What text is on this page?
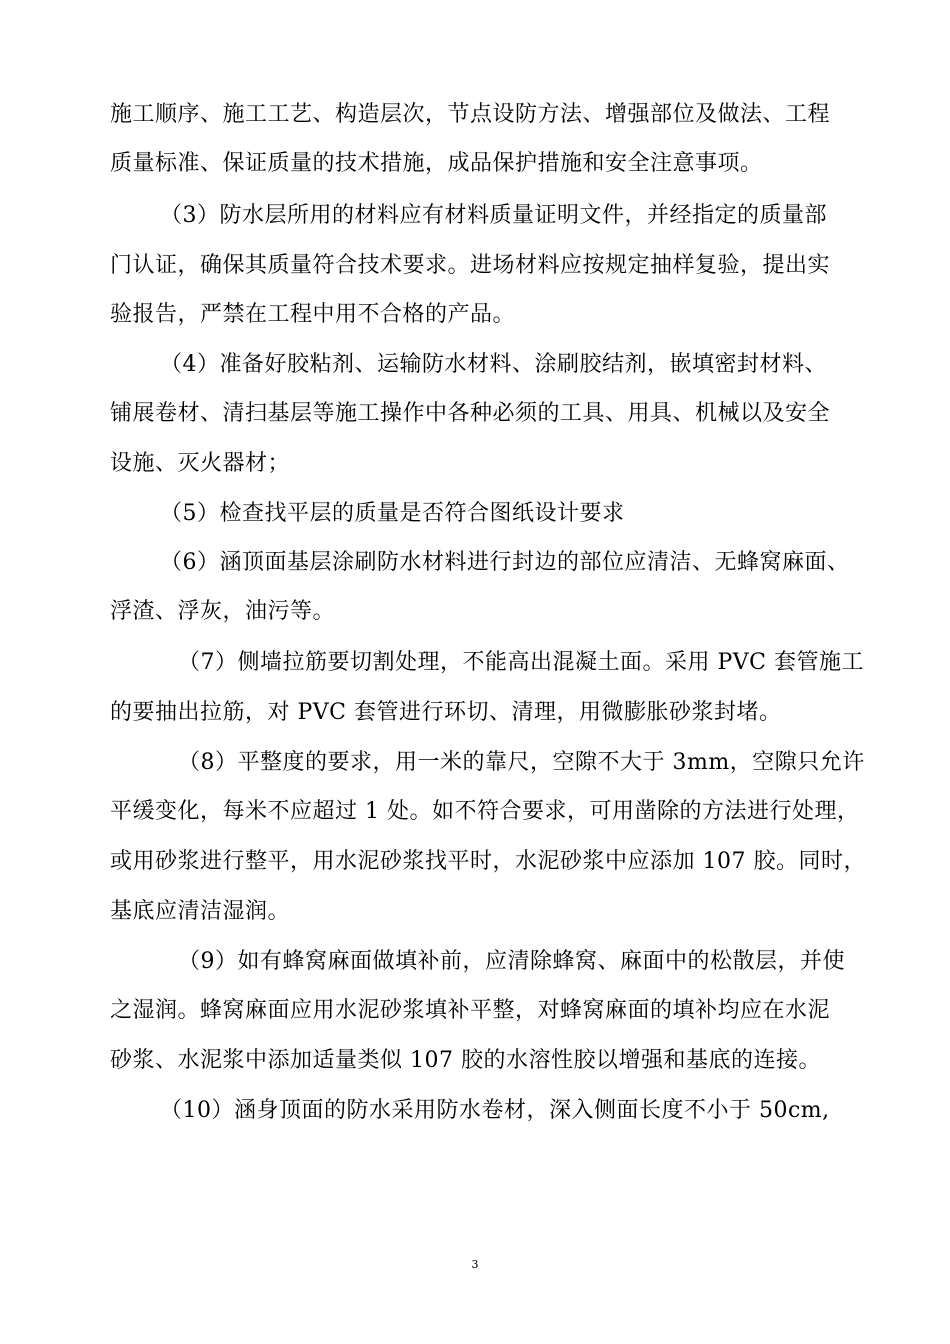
施工顺序、施工工艺、构造层次，节点设防方法、增强部位及做法、工程
质量标准、保证质量的技术措施，成品保护措施和安全注意事项。
（3）防水层所用的材料应有材料质量证明文件，并经指定的质量部
门认证，确保其质量符合技术要求。进场材料应按规定抽样复验，提出实
验报告，严禁在工程中用不合格的产品。
（4）准备好胶粘剂、运输防水材料、涂刷胶结剂，嵌填密封材料、
铺展卷材、清扫基层等施工操作中各种必须的工具、用具、机械以及安全
设施、灭火器材；
（5）检查找平层的质量是否符合图纸设计要求
（6）涵顶面基层涂刷防水材料进行封边的部位应清洁、无蜂窝麻面、
浮渣、浮灰，油污等。
（7）侧墙拉筋要切割处理，不能高出混凝土面。采用 PVC 套管施工
的要抽出拉筋，对 PVC 套管进行环切、清理，用微膨胀砂浆封堵。
（8）平整度的要求，用一米的靠尺，空隙不大于 3mm，空隙只允许
平缓变化，每米不应超过 1 处。如不符合要求，可用凿除的方法进行处理，
或用砂浆进行整平，用水泥砂浆找平时，水泥砂浆中应添加 107 胶。同时，
基底应清洁湿润。
（9）如有蜂窝麻面做填补前，应清除蜂窝、麻面中的松散层，并使
之湿润。蜂窝麻面应用水泥砂浆填补平整，对蜂窝麻面的填补均应在水泥
砂浆、水泥浆中添加适量类似 107 胶的水溶性胶以增强和基底的连接。
（10）涵身顶面的防水采用防水卷材，深入侧面长度不小于 50cm,
3
